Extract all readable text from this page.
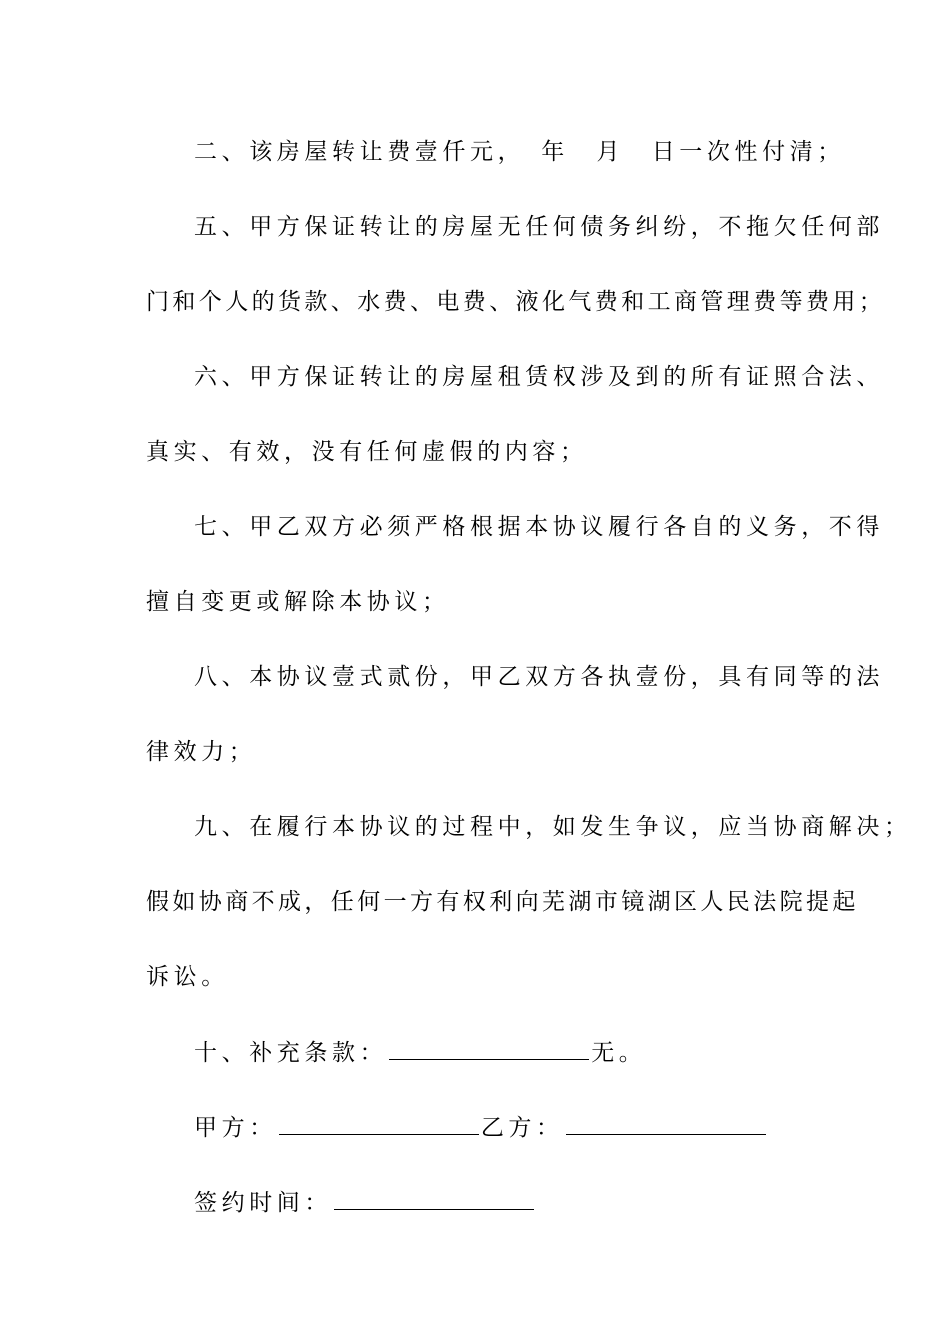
二、该房屋转让费壹仟元，　年　月　日一次性付清；
五、甲方保证转让的房屋无任何债务纠纷，不拖欠任何部
门和个人的货款、水费、电费、液化气费和工商管理费等费用；
六、甲方保证转让的房屋租赁权涉及到的所有证照合法、
真实、有效，没有任何虚假的内容；
七、甲乙双方必须严格根据本协议履行各自的义务，不得
擅自变更或解除本协议；
八、本协议壹式贰份，甲乙双方各执壹份，具有同等的法
律效力；
九、在履行本协议的过程中，如发生争议，应当协商解决；
假如协商不成，任何一方有权利向芜湖市镜湖区人民法院提起
诉讼。
十、补充条款：	无。
甲方：	乙方：
签约时间：
